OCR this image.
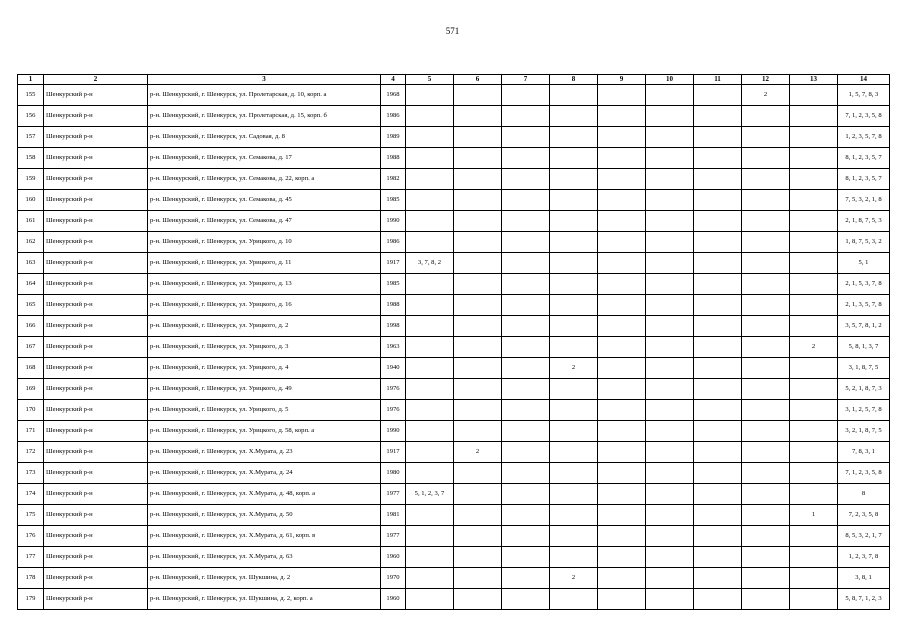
571
1	2	3	4	5	6	7	8	9	10	11	12	13	14
155	Шенкурский р-н	р-н. Шенкурский, г. Шенкурск, ул. Пролетарская, д. 10, корп. а	1968								2		1, 5, 7, 8, 3
156	Шенкурский р-н	р-н. Шенкурский, г. Шенкурск, ул. Пролетарская, д. 15, корп. б	1986										7, 1, 2, 3, 5, 8
157	Шенкурский р-н	р-н. Шенкурский, г. Шенкурск, ул. Садовая, д. 8	1989										1, 2, 3, 5, 7, 8
158	Шенкурский р-н	р-н. Шенкурский, г. Шенкурск, ул. Семакова, д. 17	1988										8, 1, 2, 3, 5, 7
159	Шенкурский р-н	р-н. Шенкурский, г. Шенкурск, ул. Семакова, д. 22, корп. а	1982										8, 1, 2, 3, 5, 7
160	Шенкурский р-н	р-н. Шенкурский, г. Шенкурск, ул. Семакова, д. 45	1985										7, 5, 3, 2, 1, 8
161	Шенкурский р-н	р-н. Шенкурский, г. Шенкурск, ул. Семакова, д. 47	1990										2, 1, 8, 7, 5, 3
162	Шенкурский р-н	р-н. Шенкурский, г. Шенкурск, ул. Урицкого, д. 10	1986										1, 8, 7, 5, 3, 2
163	Шенкурский р-н	р-н. Шенкурский, г. Шенкурск, ул. Урицкого, д. 11	1917	3, 7, 8, 2									5, 1
164	Шенкурский р-н	р-н. Шенкурский, г. Шенкурск, ул. Урицкого, д. 13	1985										2, 1, 5, 3, 7, 8
165	Шенкурский р-н	р-н. Шенкурский, г. Шенкурск, ул. Урицкого, д. 16	1988										2, 1, 3, 5, 7, 8
166	Шенкурский р-н	р-н. Шенкурский, г. Шенкурск, ул. Урицкого, д. 2	1998										3, 5, 7, 8, 1, 2
167	Шенкурский р-н	р-н. Шенкурский, г. Шенкурск, ул. Урицкого, д. 3	1963									2	5, 8, 1, 3, 7
168	Шенкурский р-н	р-н. Шенкурский, г. Шенкурск, ул. Урицкого, д. 4	1940				2						3, 1, 8, 7, 5
169	Шенкурский р-н	р-н. Шенкурский, г. Шенкурск, ул. Урицкого, д. 49	1976										5, 2, 1, 8, 7, 3
170	Шенкурский р-н	р-н. Шенкурский, г. Шенкурск, ул. Урицкого, д. 5	1976										3, 1, 2, 5, 7, 8
171	Шенкурский р-н	р-н. Шенкурский, г. Шенкурск, ул. Урицкого, д. 58, корп. а	1990										3, 2, 1, 8, 7, 5
172	Шенкурский р-н	р-н. Шенкурский, г. Шенкурск, ул. Х.Мурата, д. 23	1917		2								7, 8, 3, 1
173	Шенкурский р-н	р-н. Шенкурский, г. Шенкурск, ул. Х.Мурата, д. 24	1980										7, 1, 2, 3, 5, 8
174	Шенкурский р-н	р-н. Шенкурский, г. Шенкурск, ул. Х.Мурата, д. 48, корп. а	1977	5, 1, 2, 3, 7									8
175	Шенкурский р-н	р-н. Шенкурский, г. Шенкурск, ул. Х.Мурата, д. 50	1981									1	7, 2, 3, 5, 8
176	Шенкурский р-н	р-н. Шенкурский, г. Шенкурск, ул. Х.Мурата, д. 61, корп. в	1977										8, 5, 3, 2, 1, 7
177	Шенкурский р-н	р-н. Шенкурский, г. Шенкурск, ул. Х.Мурата, д. 63	1960										1, 2, 3, 7, 8
178	Шенкурский р-н	р-н. Шенкурский, г. Шенкурск, ул. Шукшина, д. 2	1970				2						3, 8, 1
179	Шенкурский р-н	р-н. Шенкурский, г. Шенкурск, ул. Шукшина, д. 2, корп. а	1960										5, 8, 7, 1, 2, 3
